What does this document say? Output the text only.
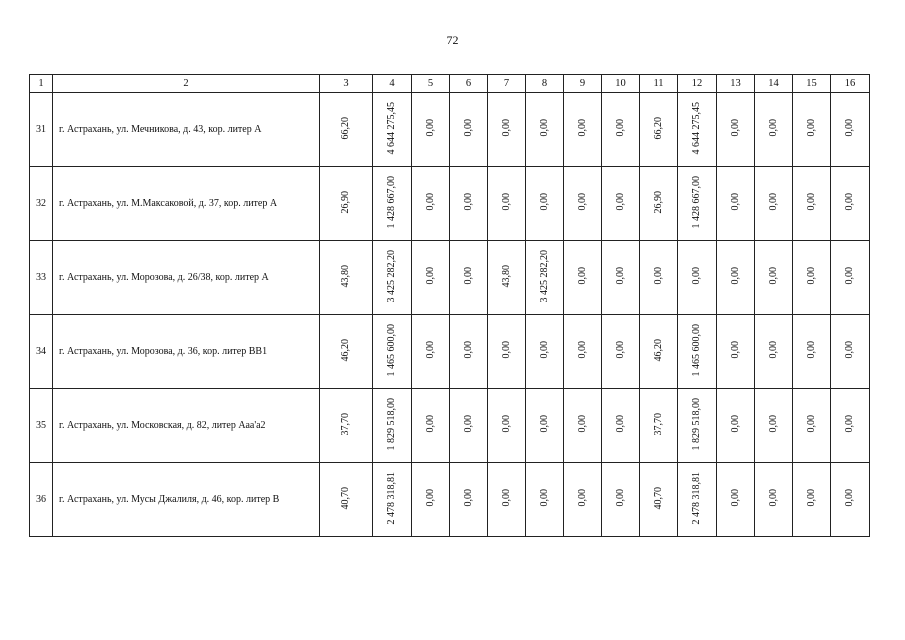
72
1	2	3	4	5	6	7	8	9	10	11	12	13	14	15	16
31	г. Астрахань, ул. Мечникова, д. 43, кор. литер А	66,20	4 644 275,45	0,00	0,00	0,00	0,00	0,00	0,00	66,20	4 644 275,45	0,00	0,00	0,00	0,00
32	г. Астрахань, ул. М.Максаковой, д. 37, кор. литер А	26,90	1 428 667,00	0,00	0,00	0,00	0,00	0,00	0,00	26,90	1 428 667,00	0,00	0,00	0,00	0,00
33	г. Астрахань, ул. Морозова, д. 26/38, кор. литер А	43,80	3 425 282,20	0,00	0,00	43,80	3 425 282,20	0,00	0,00	0,00	0,00	0,00	0,00	0,00	0,00
34	г. Астрахань, ул. Морозова, д. 36, кор. литер ВВ1	46,20	1 465 600,00	0,00	0,00	0,00	0,00	0,00	0,00	46,20	1 465 600,00	0,00	0,00	0,00	0,00
35	г. Астрахань, ул. Московская, д. 82, литер Ааа'а2	37,70	1 829 518,00	0,00	0,00	0,00	0,00	0,00	0,00	37,70	1 829 518,00	0,00	0,00	0,00	0,00
36	г. Астрахань, ул. Мусы Джалиля, д. 46, кор. литер В	40,70	2 478 318,81	0,00	0,00	0,00	0,00	0,00	0,00	40,70	2 478 318,81	0,00	0,00	0,00	0,00
